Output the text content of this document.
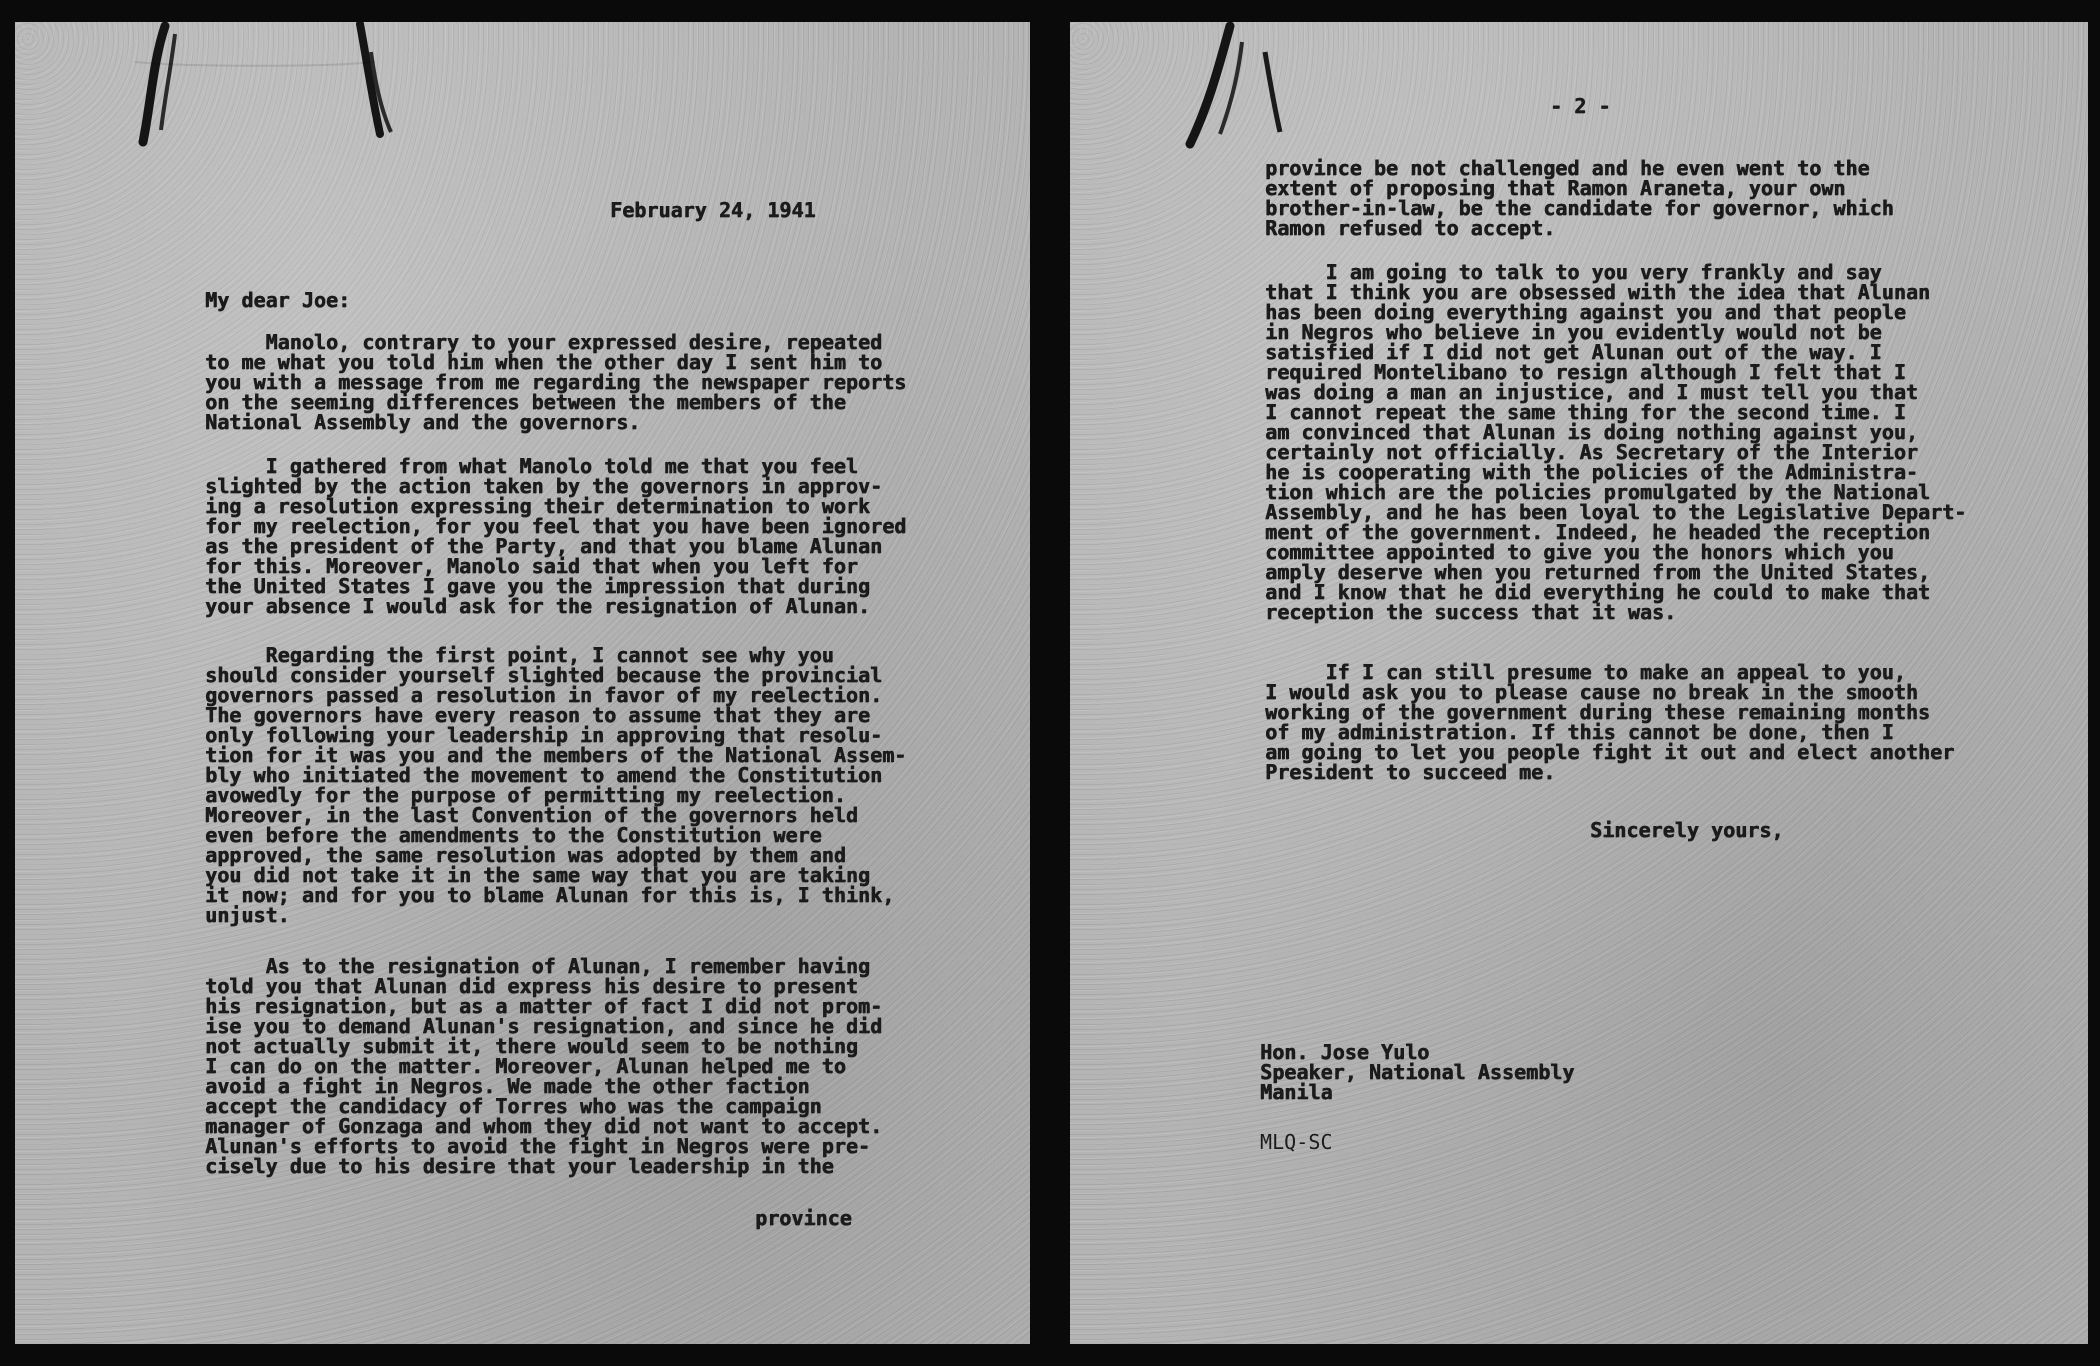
February 24, 1941

My dear Joe:

Manolo, contrary to your expressed desire, repeated
to me what you told him when the other day I sent him to
you with a message from me regarding the newspaper reports
on the seeming differences between the members of the
National Assembly and the governors.

I gathered from what Manolo told me that you feel
slighted by the action taken by the governors in approv-
ing a resolution expressing their determination to work
for my reelection, for you feel that you have been ignored
as the president of the Party, and that you blame Alunan
for this. Moreover, Manolo said that when you left for
the United States I gave you the impression that during
your absence I would ask for the resignation of Alunan.

Regarding the first point, I cannot see why you
should consider yourself slighted because the provincial
governors passed a resolution in favor of my reelection.
The governors have every reason to assume that they are
only following your leadership in approving that resolu-
tion for it was you and the members of the National Assem-
bly who initiated the movement to amend the Constitution
avowedly for the purpose of permitting my reelection.
Moreover, in the last Convention of the governors held
even before the amendments to the Constitution were
approved, the same resolution was adopted by them and
you did not take it in the same way that you are taking
it now; and for you to blame Alunan for this is, I think,
unjust.

As to the resignation of Alunan, I remember having
told you that Alunan did express his desire to present
his resignation, but as a matter of fact I did not prom-
ise you to demand Alunan's resignation, and since he did
not actually submit it, there would seem to be nothing
I can do on the matter. Moreover, Alunan helped me to
avoid a fight in Negros. We made the other faction
accept the candidacy of Torres who was the campaign
manager of Gonzaga and whom they did not want to accept.
Alunan's efforts to avoid the fight in Negros were pre-
cisely due to his desire that your leadership in the

province

- 2 -

province be not challenged and he even went to the
extent of proposing that Ramon Araneta, your own
brother-in-law, be the candidate for governor, which
Ramon refused to accept.

I am going to talk to you very frankly and say
that I think you are obsessed with the idea that Alunan
has been doing everything against you and that people
in Negros who believe in you evidently would not be
satisfied if I did not get Alunan out of the way. I
required Montelibano to resign although I felt that I
was doing a man an injustice, and I must tell you that
I cannot repeat the same thing for the second time. I
am convinced that Alunan is doing nothing against you,
certainly not officially. As Secretary of the Interior
he is cooperating with the policies of the Administra-
tion which are the policies promulgated by the National
Assembly, and he has been loyal to the Legislative Depart-
ment of the government. Indeed, he headed the reception
committee appointed to give you the honors which you
amply deserve when you returned from the United States,
and I know that he did everything he could to make that
reception the success that it was.

If I can still presume to make an appeal to you,
I would ask you to please cause no break in the smooth
working of the government during these remaining months
of my administration. If this cannot be done, then I
am going to let you people fight it out and elect another
President to succeed me.

Sincerely yours,

Hon. Jose Yulo
Speaker, National Assembly
Manila

MLQ-SC
